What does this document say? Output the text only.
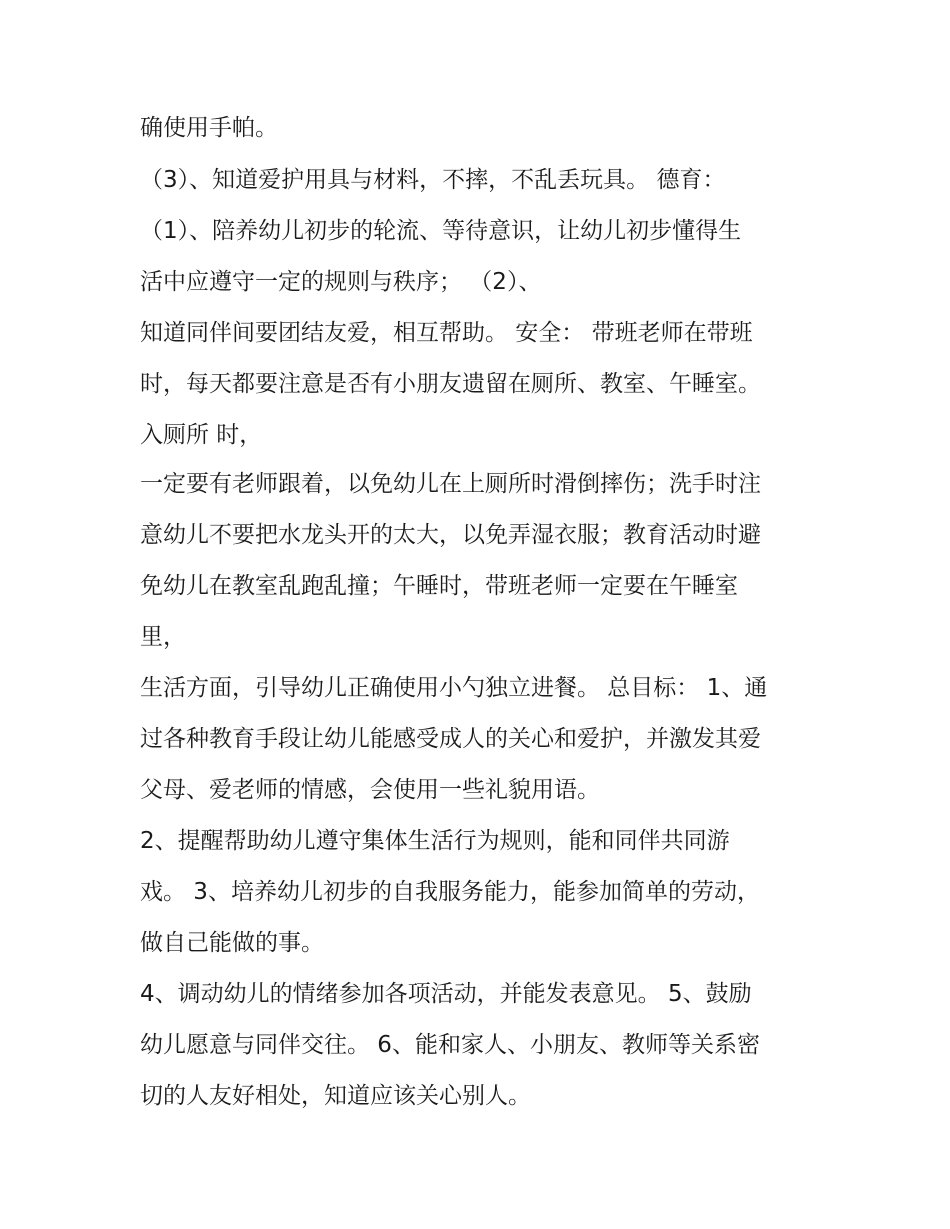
确使用手帕。
（3）、知道爱护用具与材料，不摔，不乱丢玩具。 德育：
（1）、陪养幼儿初步的轮流、等待意识，让幼儿初步懂得生
活中应遵守一定的规则与秩序； （2）、
知道同伴间要团结友爱，相互帮助。 安全： 带班老师在带班
时，每天都要注意是否有小朋友遗留在厕所、教室、午睡室。
入厕所 时，
一定要有老师跟着，以免幼儿在上厕所时滑倒摔伤；洗手时注
意幼儿不要把水龙头开的太大，以免弄湿衣服；教育活动时避
免幼儿在教室乱跑乱撞；午睡时，带班老师一定要在午睡室
里，
生活方面，引导幼儿正确使用小勺独立进餐。 总目标： 1、通
过各种教育手段让幼儿能感受成人的关心和爱护，并激发其爱
父母、爱老师的情感，会使用一些礼貌用语。
2、提醒帮助幼儿遵守集体生活行为规则，能和同伴共同游
戏。 3、培养幼儿初步的自我服务能力，能参加简单的劳动，
做自己能做的事。
4、调动幼儿的情绪参加各项活动，并能发表意见。 5、鼓励
幼儿愿意与同伴交往。 6、能和家人、小朋友、教师等关系密
切的人友好相处，知道应该关心别人。
